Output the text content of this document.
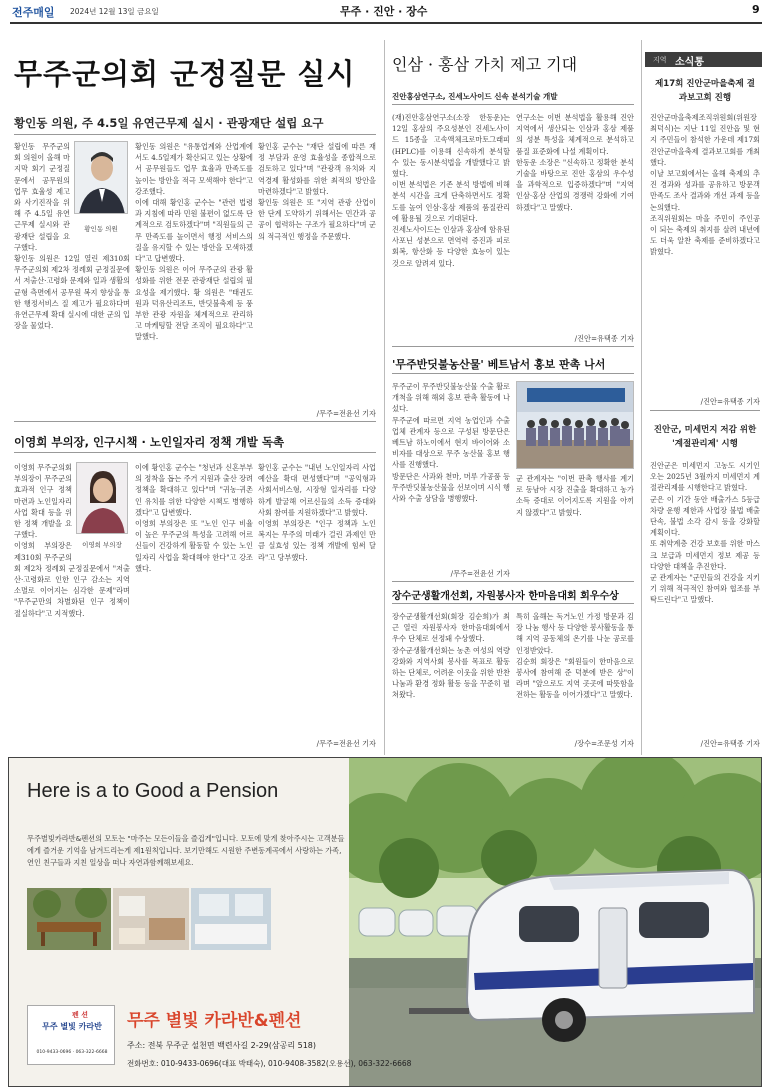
전주매일 2024년 12월 13일 금요일	무주 · 진안 · 장수	9
무주군의회 군정질문 실시
황인동 의원, 주 4.5일 유연근무제 실시 · 관광재단 설립 요구
황인동 의원

황인동 무주군의회 의원이 올해 마지막 회기 군정질문에서 공무원의 업무 효율성 제고와 사기진작을 위해 주 4.5일 유연근무제 실시와 관광재단 설립을 요구했다.

황인동 의원은 12일 열린 제310회 무주군의회 제2차 정례회 군정질문에서 저출산·고령화 문제와 일과 생활의 균형 측면에서 공무원 복지 향상을 통한 행정서비스 질 제고가 필요하다며 유연근무제 확대 실시에 대한 군의 입장을 물었다.

황인동 의원은 "유통업계와 산업계에서도 4.5일제가 확산되고 있는 상황에서 공무원들도 업무 효율과 만족도를 높이는 방안을 적극 모색해야 한다"고 강조했다.

이에 대해 황인홍 군수는 "관련 법령과 지침에 따라 민원 불편이 없도록 단계적으로 검토하겠다"며 "직원들의 근무 만족도를 높이면서 행정 서비스의 질을 유지할 수 있는 방안을 모색하겠다"고 답변했다.

황인동 의원은 이어 무주군의 관광 활성화를 위한 전문 관광재단 설립의 필요성을 제기했다. 황 의원은 "태권도원과 덕유산리조트, 반딧불축제 등 풍부한 관광 자원을 체계적으로 관리하고 마케팅할 전담 조직이 필요하다"고 말했다.

황인홍 군수는 "재단 설립에 따른 재정 부담과 운영 효율성을 종합적으로 검토하고 있다"며 "관광객 유치와 지역경제 활성화를 위한 최적의 방안을 마련하겠다"고 밝혔다.

황인동 의원은 또 "지역 관광 산업이 한 단계 도약하기 위해서는 민간과 공공이 협력하는 구조가 필요하다"며 군의 적극적인 행정을 주문했다.

/무주=전윤선 기자
이영희 부의장, 인구시책 · 노인일자리 정책 개발 독촉
이영희 부의장

이영희 무주군의회 부의장이 무주군의 효과적 인구 정책 마련과 노인일자리 사업 확대 등을 위한 정책 개발을 요구했다.

이영희 부의장은 제310회 무주군의회 제2차 정례회 군정질문에서 "저출산·고령화로 인한 인구 감소는 지역 소멸로 이어지는 심각한 문제"라며 "무주군만의 차별화된 인구 정책이 절실하다"고 지적했다.

이에 황인홍 군수는 "청년과 신혼부부의 정착을 돕는 주거 지원과 출산 장려 정책을 확대하고 있다"며 "귀농·귀촌인 유치를 위한 다양한 시책도 병행하겠다"고 답변했다.

이영희 부의장은 또 "노인 인구 비율이 높은 무주군의 특성을 고려해 어르신들이 건강하게 활동할 수 있는 노인일자리 사업을 확대해야 한다"고 강조했다.

황인홍 군수는 "내년 노인일자리 사업 예산을 확대 편성했다"며 "공익형과 사회서비스형, 시장형 일자리를 다양하게 발굴해 어르신들의 소득 증대와 사회 참여를 지원하겠다"고 밝혔다.

이영희 부의장은 "인구 정책과 노인 복지는 무주의 미래가 걸린 과제인 만큼 실효성 있는 정책 개발에 힘써 달라"고 당부했다.

/무주=전윤선 기자
인삼 · 홍삼 가치 제고 기대
진안홍삼연구소, 진세노사이드 신속 분석기술 개발

(재)진안홍삼연구소(소장 한동운)는 12일 홍삼의 주요성분인 진세노사이드 15종을 고속액체크로마토그래피(HPLC)를 이용해 신속하게 분석할 수 있는 동시분석법을 개발했다고 밝혔다.

이번 분석법은 기존 분석 방법에 비해 분석 시간을 크게 단축하면서도 정확도를 높여 인삼·홍삼 제품의 품질관리에 활용될 것으로 기대된다.

진세노사이드는 인삼과 홍삼에 함유된 사포닌 성분으로 면역력 증진과 피로 회복, 항산화 등 다양한 효능이 있는 것으로 알려져 있다.

연구소는 이번 분석법을 활용해 진안 지역에서 생산되는 인삼과 홍삼 제품의 성분 특성을 체계적으로 분석하고 품질 표준화에 나설 계획이다.

한동운 소장은 "신속하고 정확한 분석 기술을 바탕으로 진안 홍삼의 우수성을 과학적으로 입증하겠다"며 "지역 인삼·홍삼 산업의 경쟁력 강화에 기여하겠다"고 말했다.

/진안=유택종 기자
'무주반딧불농산물' 베트남서 홍보 판촉 나서

무주군이 무주반딧불농산물 수출 활로 개척을 위해 해외 홍보 판촉 활동에 나섰다.

무주군에 따르면 지역 농업인과 수출업체 관계자 등으로 구성된 방문단은 베트남 하노이에서 현지 바이어와 소비자를 대상으로 무주 농산물 홍보 행사를 진행했다.

방문단은 사과와 천마, 머루 가공품 등 무주반딧불농산물을 선보이며 시식 행사와 수출 상담을 병행했다.

군 관계자는 "이번 판촉 행사를 계기로 동남아 시장 진출을 확대하고 농가 소득 증대로 이어지도록 지원을 아끼지 않겠다"고 밝혔다.

/무주=전윤선 기자
장수군생활개선회, 자원봉사자 한마음대회 회우수상

장수군생활개선회(회장 김순희)가 최근 열린 자원봉사자 한마음대회에서 우수 단체로 선정돼 수상했다.

장수군생활개선회는 농촌 여성의 역량 강화와 지역사회 봉사를 목표로 활동하는 단체로, 어려운 이웃을 위한 반찬 나눔과 환경 정화 활동 등을 꾸준히 펼쳐왔다.

특히 올해는 독거노인 가정 방문과 김장 나눔 행사 등 다양한 봉사활동을 통해 지역 공동체의 온기를 나눈 공로를 인정받았다.

김순희 회장은 "회원들이 한마음으로 봉사에 참여해 준 덕분에 받은 상"이라며 "앞으로도 지역 곳곳에 따뜻함을 전하는 활동을 이어가겠다"고 말했다.

/장수=조문성 기자
지역 소식통
제17회 진안군마을축제 결과보고회 진행

진안군마을축제조직위원회(위원장 최덕식)는 지난 11일 진안읍 및 현지 주민들이 참석한 가운데 제17회 진안군마을축제 결과보고회를 개최했다.

이날 보고회에서는 올해 축제의 추진 경과와 성과를 공유하고 방문객 만족도 조사 결과와 개선 과제 등을 논의했다.

조직위원회는 마을 주민이 주인공이 되는 축제의 취지를 살려 내년에도 더욱 알찬 축제를 준비하겠다고 밝혔다.

/진안=유택종 기자
진안군, 미세먼지 저감 위한 '계절관리제' 시행

진안군은 미세먼지 고농도 시기인 오는 2025년 3월까지 미세먼지 계절관리제를 시행한다고 밝혔다.

군은 이 기간 동안 배출가스 5등급 차량 운행 제한과 사업장 불법 배출 단속, 불법 소각 감시 등을 강화할 계획이다.

또 취약계층 건강 보호를 위한 마스크 보급과 미세먼지 정보 제공 등 다양한 대책을 추진한다.

군 관계자는 "군민들의 건강을 지키기 위해 적극적인 참여와 협조를 부탁드린다"고 말했다.

/진안=유택종 기자
Here is a to Good a Pension
무주별빛카라반&펜션의 모토는 "마주는 모든이들을 즐겁게"입니다. 모토에 맞게 찾아주시는 고객분들에게 즐거운 기억을 남겨드리는게 제1원칙입니다. 보기만해도 시원한 주변동계곡에서 사랑하는 가족, 연인 친구들과 지친 일상을 떠나 자연과함께해보세요.
펜 션
무주 별빛 카라반
010-9433-0696 · 063-322-6668
무주 별빛 카라반&펜션
주소: 전북 무주군 설천면 백련사길 2-29(삼공리 518)
전화번호: 010-9433-0696(대표 박태숙), 010-9408-3582(오용선), 063-322-6668
